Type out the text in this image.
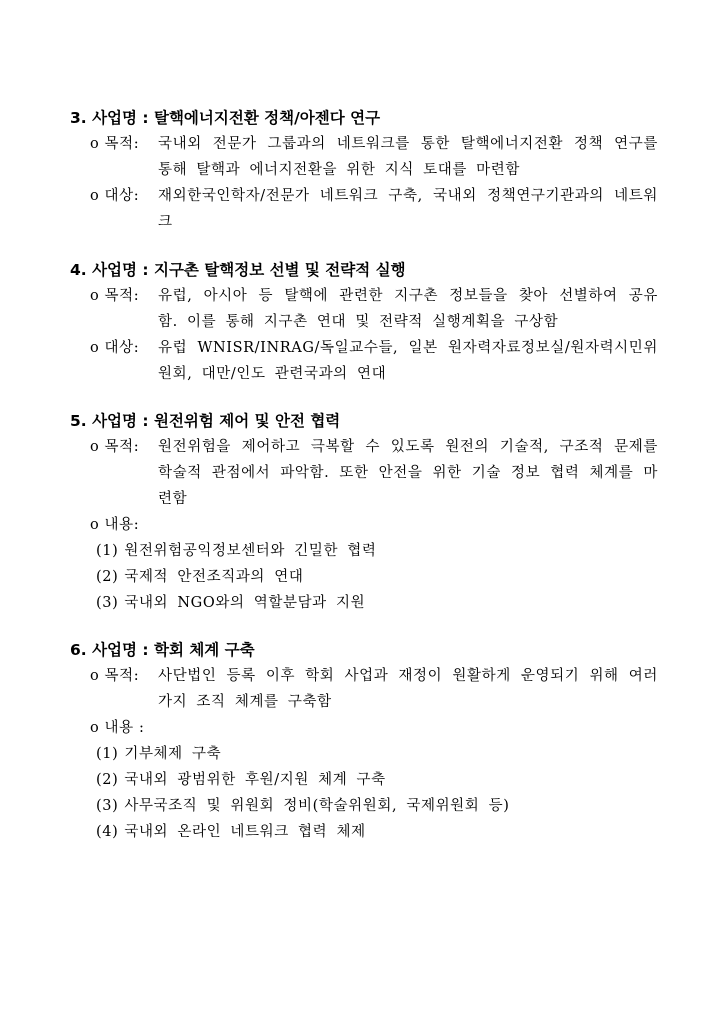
3. 사업명 : 탈핵에너지전환 정책/아젠다 연구
o 목적: 국내외 전문가 그룹과의 네트워크를 통한 탈핵에너지전환 정책 연구를 통해 탈핵과 에너지전환을 위한 지식 토대를 마련함
o 대상: 재외한국인학자/전문가 네트워크 구축, 국내외 정책연구기관과의 네트워크
4. 사업명 : 지구촌 탈핵정보 선별 및 전략적 실행
o 목적: 유럽, 아시아 등 탈핵에 관련한 지구촌 정보들을 찾아 선별하여 공유함. 이를 통해 지구촌 연대 및 전략적 실행계획을 구상함
o 대상: 유럽 WNISR/INRAG/독일교수들, 일본 원자력자료정보실/원자력시민위원회, 대만/인도 관련국과의 연대
5. 사업명 : 원전위험 제어 및 안전 협력
o 목적: 원전위험을 제어하고 극복할 수 있도록 원전의 기술적, 구조적 문제를 학술적 관점에서 파악함. 또한 안전을 위한 기술 정보 협력 체계를 마련함
o 내용:
(1) 원전위험공익정보센터와 긴밀한 협력
(2) 국제적 안전조직과의 연대
(3) 국내외 NGO와의 역할분담과 지원
6. 사업명 : 학회 체계 구축
o 목적: 사단법인 등록 이후 학회 사업과 재정이 원활하게 운영되기 위해 여러 가지 조직 체계를 구축함
o 내용 :
(1) 기부체제 구축
(2) 국내외 광범위한 후원/지원 체계 구축
(3) 사무국조직 및 위원회 정비(학술위원회, 국제위원회 등)
(4) 국내외 온라인 네트워크 협력 체제
